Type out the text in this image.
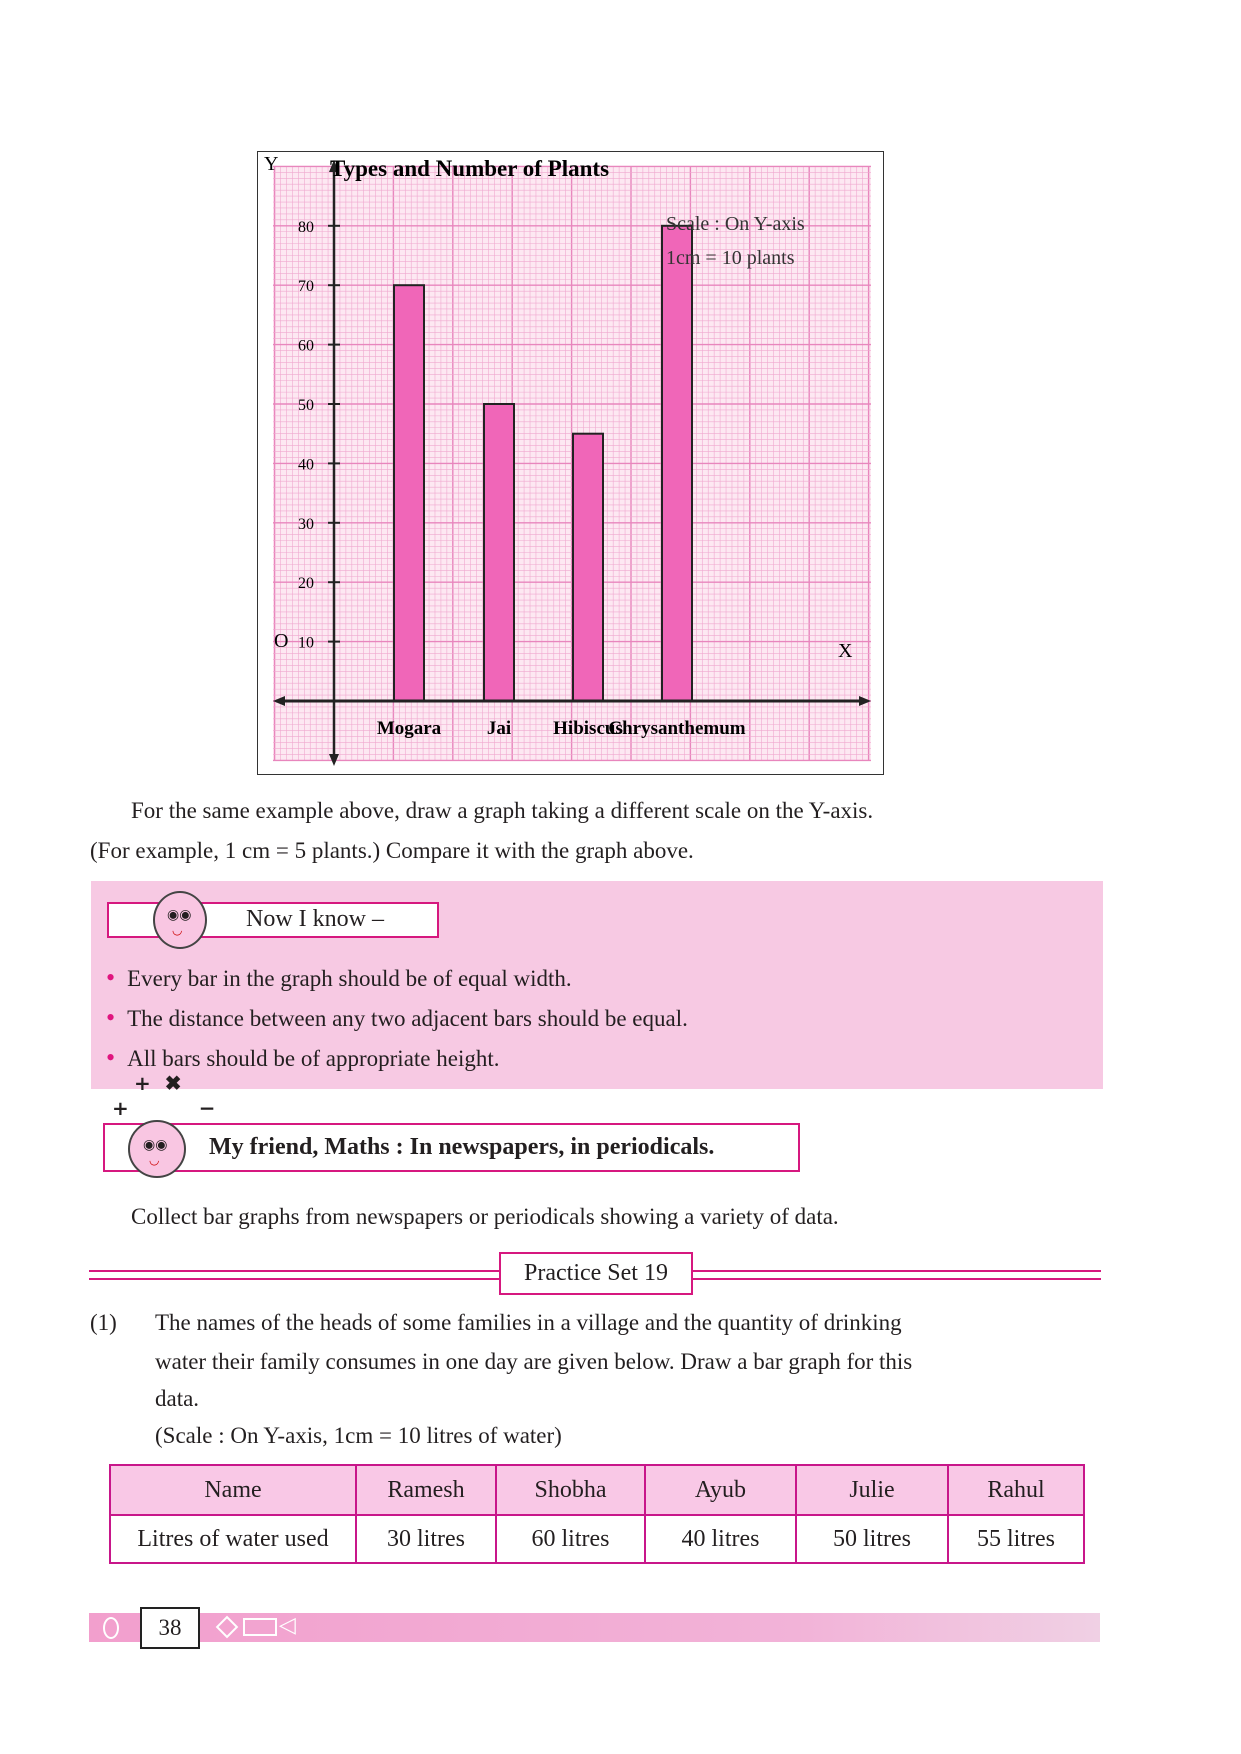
Types and Number of Plants
Y
X
O
Scale : On Y-axis
1cm = 10 plants
Mogara Jai Hibiscus
Chrysanthemum
10
20
30
40
50
60
70
80
For the same example above, draw a graph taking a different scale on the Y-axis.
(For example, 1 cm = 5 plants.) Compare it with the graph above.
Now I know –
◉◉
◡
• Every bar in the graph should be of equal width.
• The distance between any two adjacent bars should be equal.
• All bars should be of appropriate height.
+ ✖
+	−
My friend, Maths : In newspapers, in periodicals.
◉◉
◡
Collect bar graphs from newspapers or periodicals showing a variety of data.
Practice Set 19
(1) The names of the heads of some families in a village and the quantity of drinking
water their family consumes in one day are given below. Draw a bar graph for this
data.
(Scale : On Y-axis, 1cm = 10 litres of water)
Name	Ramesh	Shobha	Ayub	Julie	Rahul
Litres of water used	30 litres	60 litres	40 litres	50 litres	55 litres
◁
38
